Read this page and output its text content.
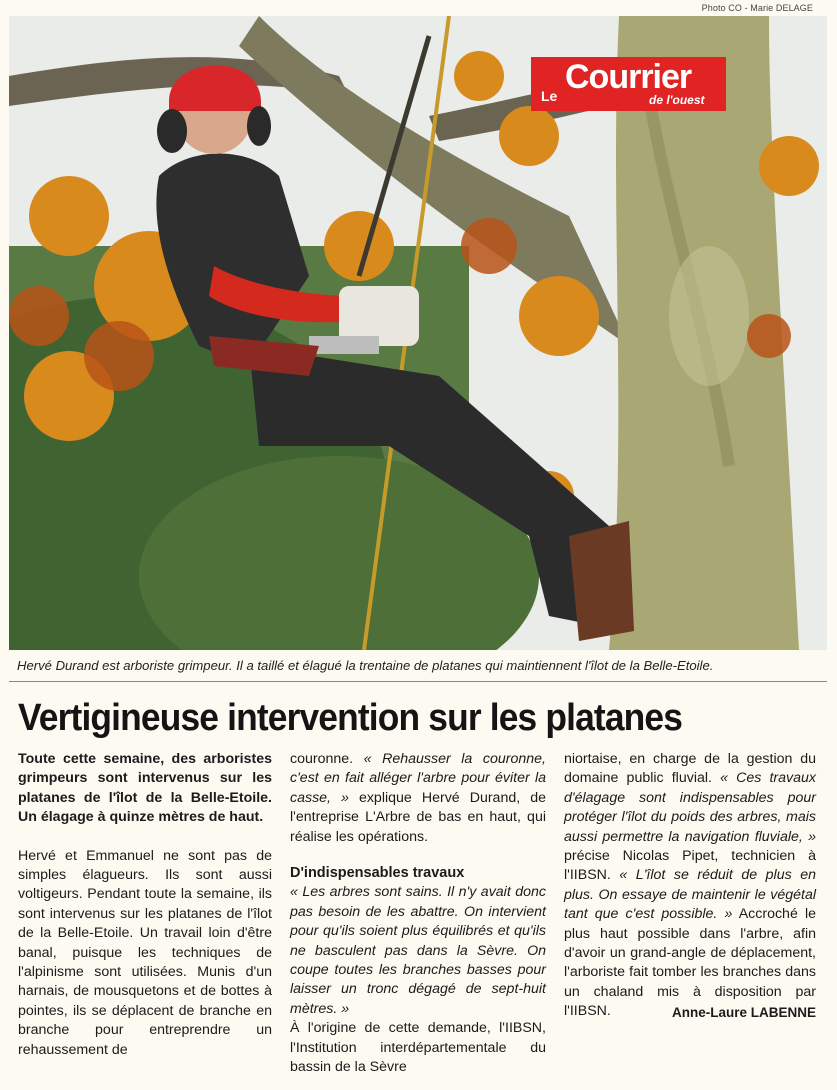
Photo CO - Marie DELAGE
Le Courrier
de l'ouest
Hervé Durand est arboriste grimpeur. Il a taillé et élagué la trentaine de platanes qui maintiennent l'îlot de la Belle-Etoile.
Vertigineuse intervention sur les platanes

Toute cette semaine, des arboristes grimpeurs sont intervenus sur les platanes de l'îlot de la Belle-Etoile. Un élagage à quinze mètres de haut.

Hervé et Emmanuel ne sont pas de simples élagueurs. Ils sont aussi voltigeurs. Pendant toute la semaine, ils sont intervenus sur les platanes de l'îlot de la Belle-Etoile. Un travail loin d'être banal, puisque les techniques de l'alpinisme sont utilisées. Munis d'un harnais, de mousquetons et de bottes à pointes, ils se déplacent de branche en branche pour entreprendre un rehaussement de

couronne. « Rehausser la couronne, c'est en fait alléger l'arbre pour éviter la casse, » explique Hervé Durand, de l'entreprise L'Arbre de bas en haut, qui réalise les opérations.

D'indispensables travaux

« Les arbres sont sains. Il n'y avait donc pas besoin de les abattre. On intervient pour qu'ils soient plus équilibrés et qu'ils ne basculent pas dans la Sèvre. On coupe toutes les branches basses pour laisser un tronc dégagé de sept-huit mètres. »

À l'origine de cette demande, l'IIBSN, l'Institution interdépartementale du bassin de la Sèvre

niortaise, en charge de la gestion du domaine public fluvial. « Ces travaux d'élagage sont indispensables pour protéger l'îlot du poids des arbres, mais aussi permettre la navigation fluviale, » précise Nicolas Pipet, technicien à l'IIBSN. « L'îlot se réduit de plus en plus. On essaye de maintenir le végétal tant que c'est possible. » Accroché le plus haut possible dans l'arbre, afin d'avoir un grand-angle de déplacement, l'arboriste fait tomber les branches dans un chaland mis à disposition par l'IIBSN.	Anne-Laure LABENNE
